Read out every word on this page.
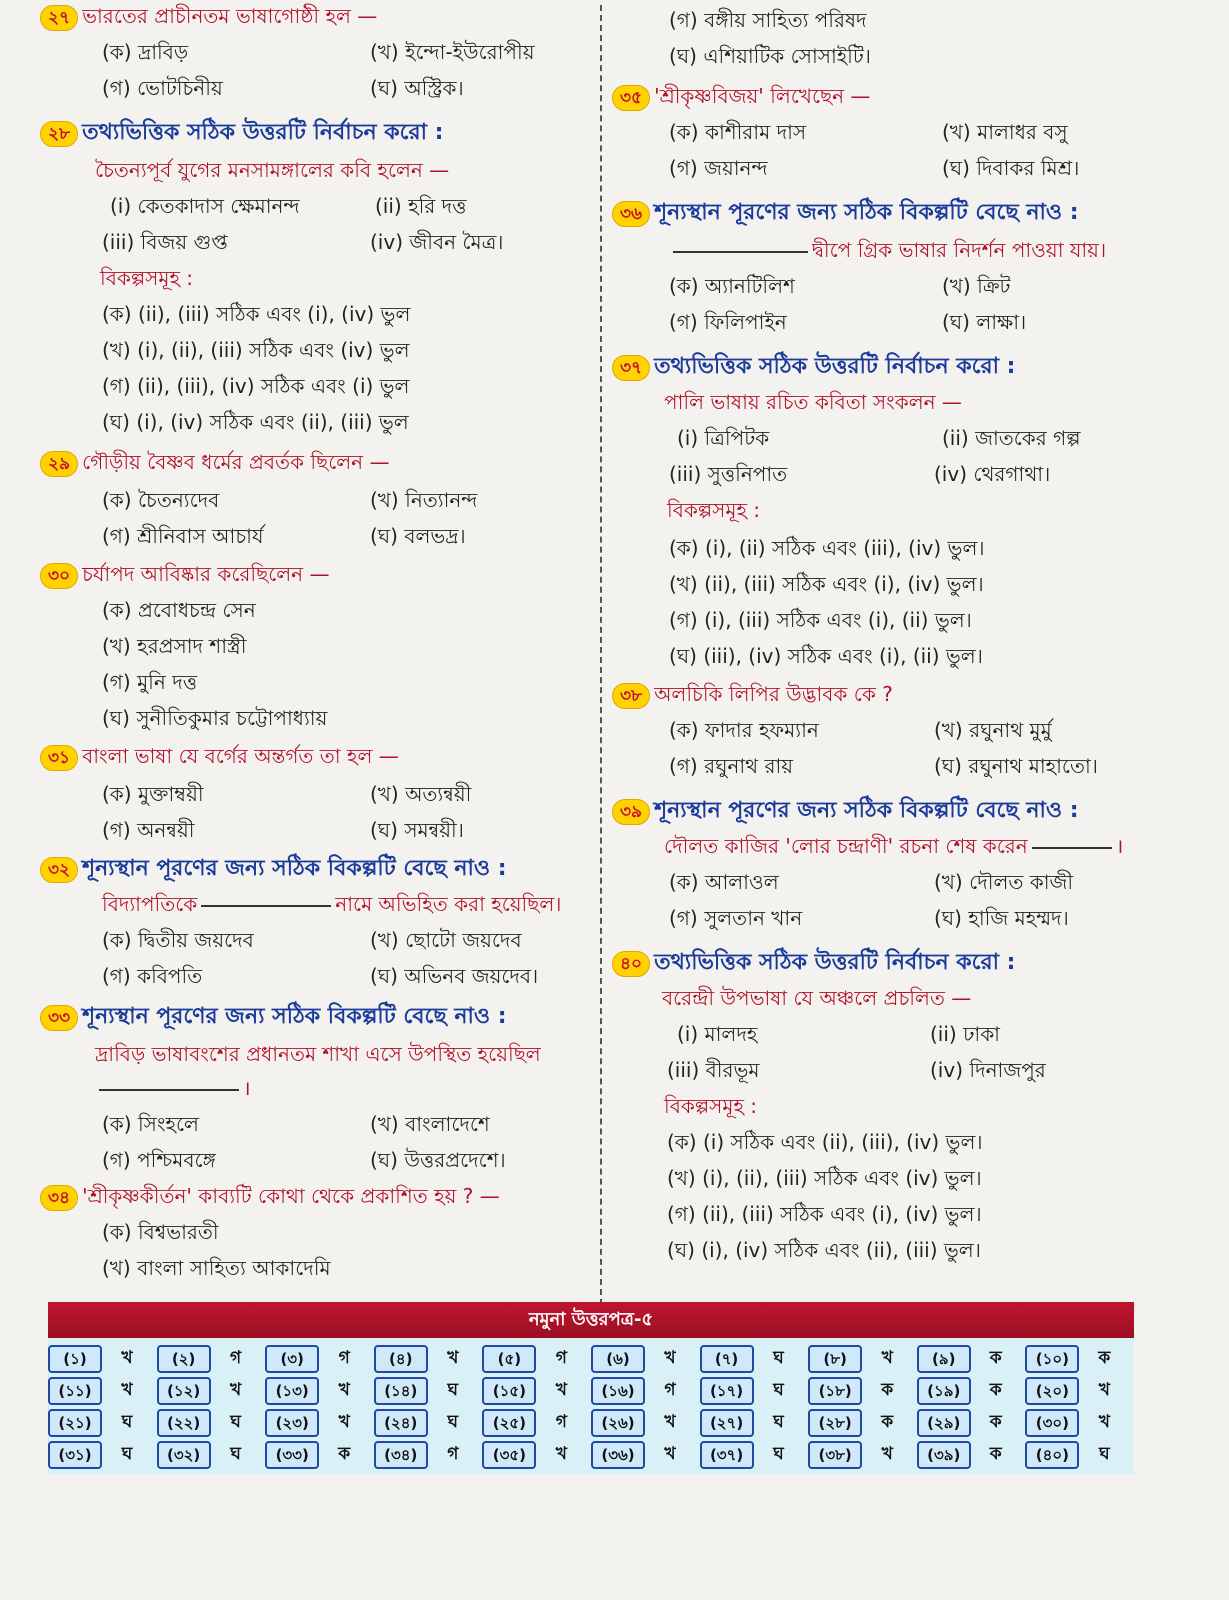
২৭ ভারতের প্রাচীনতম ভাষাগোষ্ঠী হল —
(ক) দ্রাবিড়	(খ) ইন্দো-ইউরোপীয়
(গ) ভোটচিনীয়	(ঘ) অস্ট্রিক।
২৮ তথ্যভিত্তিক সঠিক উত্তরটি নির্বাচন করো :
চৈতন্যপূর্ব যুগের মনসামঙ্গালের কবি হলেন —
(i) কেতকাদাস ক্ষেমানন্দ	(ii) হরি দত্ত
(iii) বিজয় গুপ্ত	(iv) জীবন মৈত্র।
বিকল্পসমূহ :
(ক) (ii), (iii) সঠিক এবং (i), (iv) ভুল
(খ) (i), (ii), (iii) সঠিক এবং (iv) ভুল
(গ) (ii), (iii), (iv) সঠিক এবং (i) ভুল
(ঘ) (i), (iv) সঠিক এবং (ii), (iii) ভুল
২৯ গৌড়ীয় বৈষ্ণব ধর্মের প্রবর্তক ছিলেন —
(ক) চৈতন্যদেব	(খ) নিত্যানন্দ
(গ) শ্রীনিবাস আচার্য	(ঘ) বলভদ্র।
৩০ চর্যাপদ আবিষ্কার করেছিলেন —
(ক) প্রবোধচন্দ্র সেন
(খ) হরপ্রসাদ শাস্ত্রী
(গ) মুনি দত্ত
(ঘ) সুনীতিকুমার চট্টোপাধ্যায়
৩১ বাংলা ভাষা যে বর্গের অন্তর্গত তা হল —
(ক) মুক্তাম্বয়ী	(খ) অত্যন্বয়ী
(গ) অনন্বয়ী	(ঘ) সমন্বয়ী।
৩২ শূন্যস্থান পূরণের জন্য সঠিক বিকল্পটি বেছে নাও :
বিদ্যাপতিকে	নামে অভিহিত করা হয়েছিল।
(ক) দ্বিতীয় জয়দেব	(খ) ছোটো জয়দেব
(গ) কবিপতি	(ঘ) অভিনব জয়দেব।
৩৩ শূন্যস্থান পূরণের জন্য সঠিক বিকল্পটি বেছে নাও :
দ্রাবিড় ভাষাবংশের প্রধানতম শাখা এসে উপস্থিত হয়েছিল
।
(ক) সিংহলে	(খ) বাংলাদেশে
(গ) পশ্চিমবঙ্গে	(ঘ) উত্তরপ্রদেশে।
৩৪ 'শ্রীকৃষ্ণকীর্তন' কাব্যটি কোথা থেকে প্রকাশিত হয় ? —
(ক) বিশ্বভারতী
(খ) বাংলা সাহিত্য আকাদেমি
(গ) বঙ্গীয় সাহিত্য পরিষদ
(ঘ) এশিয়াটিক সোসাইটি।
৩৫ 'শ্রীকৃষ্ণবিজয়' লিখেছেন —
(ক) কাশীরাম দাস	(খ) মালাধর বসু
(গ) জয়ানন্দ	(ঘ) দিবাকর মিশ্র।
৩৬ শূন্যস্থান পূরণের জন্য সঠিক বিকল্পটি বেছে নাও :
দ্বীপে গ্রিক ভাষার নিদর্শন পাওয়া যায়।
(ক) অ্যানটিলিশ	(খ) ক্রিট
(গ) ফিলিপাইন	(ঘ) লাক্ষা।
৩৭ তথ্যভিত্তিক সঠিক উত্তরটি নির্বাচন করো :
পালি ভাষায় রচিত কবিতা সংকলন —
(i) ত্রিপিটক	(ii) জাতকের গল্প
(iii) সুত্তনিপাত	(iv) থেরগাথা।
বিকল্পসমূহ :
(ক) (i), (ii) সঠিক এবং (iii), (iv) ভুল।
(খ) (ii), (iii) সঠিক এবং (i), (iv) ভুল।
(গ) (i), (iii) সঠিক এবং (i), (ii) ভুল।
(ঘ) (iii), (iv) সঠিক এবং (i), (ii) ভুল।
৩৮ অলচিকি লিপির উদ্ভাবক কে ?
(ক) ফাদার হফম্যান	(খ) রঘুনাথ মুর্মু
(গ) রঘুনাথ রায়	(ঘ) রঘুনাথ মাহাতো।
৩৯ শূন্যস্থান পূরণের জন্য সঠিক বিকল্পটি বেছে নাও :
দৌলত কাজির 'লোর চন্দ্রাণী' রচনা শেষ করেন	।
(ক) আলাওল	(খ) দৌলত কাজী
(গ) সুলতান খান	(ঘ) হাজি মহম্মদ।
৪০ তথ্যভিত্তিক সঠিক উত্তরটি নির্বাচন করো :
বরেন্দ্রী উপভাষা যে অঞ্চলে প্রচলিত —
(i) মালদহ	(ii) ঢাকা
(iii) বীরভূম	(iv) দিনাজপুর
বিকল্পসমূহ :
(ক) (i) সঠিক এবং (ii), (iii), (iv) ভুল।
(খ) (i), (ii), (iii) সঠিক এবং (iv) ভুল।
(গ) (ii), (iii) সঠিক এবং (i), (iv) ভুল।
(ঘ) (i), (iv) সঠিক এবং (ii), (iii) ভুল।
নমুনা উত্তরপত্র-৫
(১)	খ	(২)	গ	(৩)	গ	(৪)	খ	(৫)	গ	(৬)	খ	(৭)	ঘ	(৮)	খ	(৯)	ক	(১০)	ক
(১১)	খ	(১২)	খ	(১৩)	খ	(১৪)	ঘ	(১৫)	খ	(১৬)	গ	(১৭)	ঘ	(১৮)	ক	(১৯)	ক	(২০)	খ
(২১)	ঘ	(২২)	ঘ	(২৩)	খ	(২৪)	ঘ	(২৫)	গ	(২৬)	খ	(২৭)	ঘ	(২৮)	ক	(২৯)	ক	(৩০)	খ
(৩১)	ঘ	(৩২)	ঘ	(৩৩)	ক	(৩৪)	গ	(৩৫)	খ	(৩৬)	খ	(৩৭)	ঘ	(৩৮)	খ	(৩৯)	ক	(৪০)	ঘ
